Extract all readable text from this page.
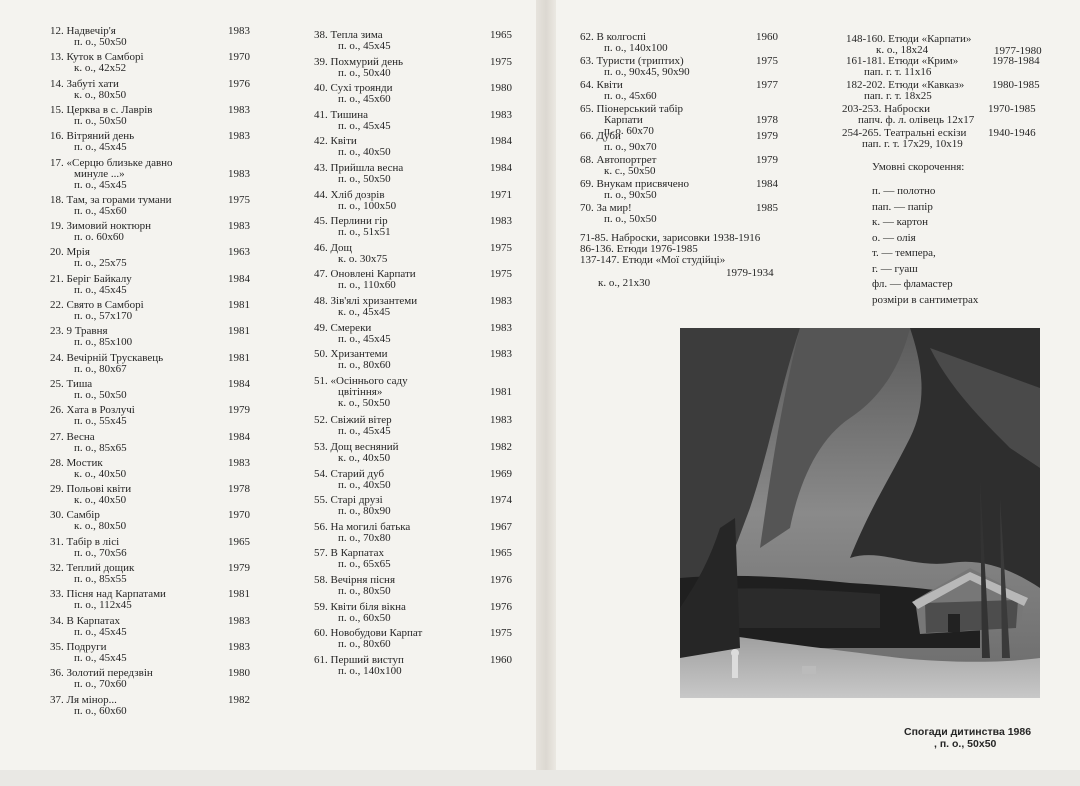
12. Надвечір'я
п. о., 50x50
1983
13. Куток в Самборі
к. о., 42x52
1970
14. Забуті хати
к. о., 80x50
1976
15. Церква в с. Лаврів
п. о., 50x50
1983
16. Вітряний день
п. о., 45x45
1983
17. «Серцю близьке давно
минуле ...»
п. о., 45x45
1983
18. Там, за горами тумани
п. о., 45x60
1975
19. Зимовий ноктюрн
п. о. 60x60
1983
20. Мрія
п. о., 25x75
1963
21. Беріг Байкалу
п. о., 45x45
1984
22. Свято в Самборі
п. о., 57x170
1981
23. 9 Травня
п. о., 85x100
1981
24. Вечірній Трускавець
п. о., 80x67
1981
25. Тиша
п. о., 50x50
1984
26. Хата в Розлучі
п. о., 55x45
1979
27. Весна
п. о., 85x65
1984
28. Мостик
к. о., 40x50
1983
29. Польові квіти
к. о., 40x50
1978
30. Самбір
к. о., 80x50
1970
31. Табір в лісі
п. о., 70x56
1965
32. Теплий дощик
п. о., 85x55
1979
33. Пісня над Карпатами
п. о., 112x45
1981
34. В Карпатах
п. о., 45x45
1983
35. Подруги
п. о., 45x45
1983
36. Золотий передзвін
п. о., 70x60
1980
37. Ля мінор...
п. о., 60x60
1982
38. Тепла зима
п. о., 45x45
1965
39. Похмурий день
п. о., 50x40
1975
40. Сухі троянди
п. о., 45x60
1980
41. Тишина
п. о., 45x45
1983
42. Квіти
п. о., 40x50
1984
43. Прийшла весна
п. о., 50x50
1984
44. Хліб дозрів
п. о., 100x50
1971
45. Перлини гір
п. о., 51x51
1983
46. Дощ
к. о. 30x75
1975
47. Оновлені Карпати
п. о., 110x60
1975
48. Зів'ялі хризантеми
к. о., 45x45
1983
49. Смереки
п. о., 45x45
1983
50. Хризантеми
п. о., 80x60
1983
51. «Осіннього саду
цвітіння»
к. о., 50x50
1981
52. Свіжий вітер
п. о., 45x45
1983
53. Дощ весняний
к. о., 40x50
1982
54. Старий дуб
п. о., 40x50
1969
55. Старі друзі
п. о., 80x90
1974
56. На могилі батька
п. о., 70x80
1967
57. В Карпатах
п. о., 65x65
1965
58. Вечірня пісня
п. о., 80x50
1976
59. Квіти біля вікна
п. о., 60x50
1976
60. Новобудови Карпат
п. о., 80x60
1975
61. Перший виступ
п. о., 140x100
1960
62. В колгоспі
п. о., 140x100
1960
63. Туристи (триптих)
п. о., 90x45, 90x90
1975
64. Квіти
п. о., 45x60
1977
65. Піонерський табір
Карпати
п. о. 60x70
1978
66. Дуби
п. о., 90x70
1979
68. Автопортрет
к. с., 50x50
1979
69. Внукам присвячено
п. о., 90x50
1984
70. За мир!
п. о., 50x50
1985
71-85. Наброски, зарисовки 1938-1916
86-136. Етюди 1976-1985
137-147. Етюди «Мої студійці»
1979-1934
к. о., 21x30
148-160. Етюди «Карпати»
к. о., 18x24	1977-1980
161-181. Етюди «Крим»
пап. г. т. 11x16
1978-1984
182-202. Етюди «Кавказ»
пап. г. т. 18x25
1980-1985
203-253. Наброски
папч. ф. л. олівець 12x17
1970-1985
254-265. Театральні ескізи
пап. г. т. 17x29, 10x19
1940-1946
Умовні скорочення:
п. — полотно
пап. — папір
к. — картон
о. — олія
т. — темпера,
г. — гуаш
фл. — фламастер
розміри в сантиметрах
Спогади дитинства 1986
, п. о., 50x50
